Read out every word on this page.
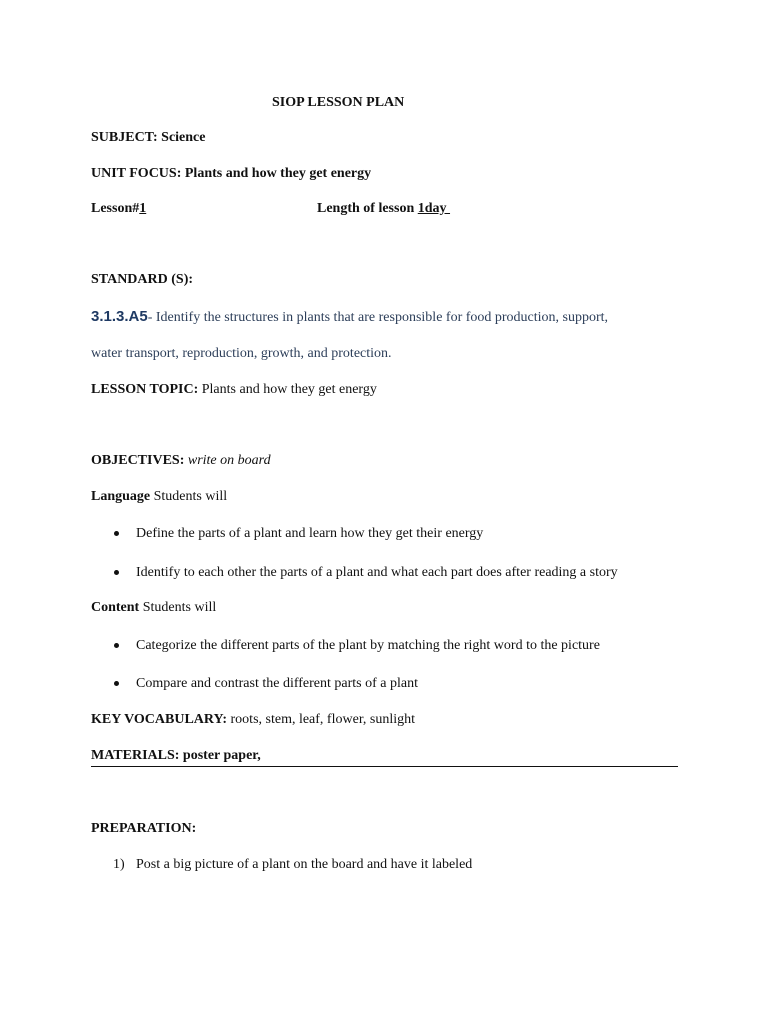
SIOP LESSON PLAN
SUBJECT: Science
UNIT FOCUS: Plants and how they get energy
Lesson#1	Length of lesson 1day
STANDARD (S):
3.1.3.A5- Identify the structures in plants that are responsible for food production, support,
water transport, reproduction, growth, and protection.
LESSON TOPIC: Plants and how they get energy
OBJECTIVES: write on board
Language Students will
Define the parts of a plant and learn how they get their energy
Identify to each other the parts of a plant and what each part does after reading a story
Content Students will
Categorize the different parts of the plant by matching the right word to the picture
Compare and contrast the different parts of a plant
KEY VOCABULARY: roots, stem, leaf, flower, sunlight
MATERIALS: poster paper,
PREPARATION:
1) Post a big picture of a plant on the board and have it labeled
